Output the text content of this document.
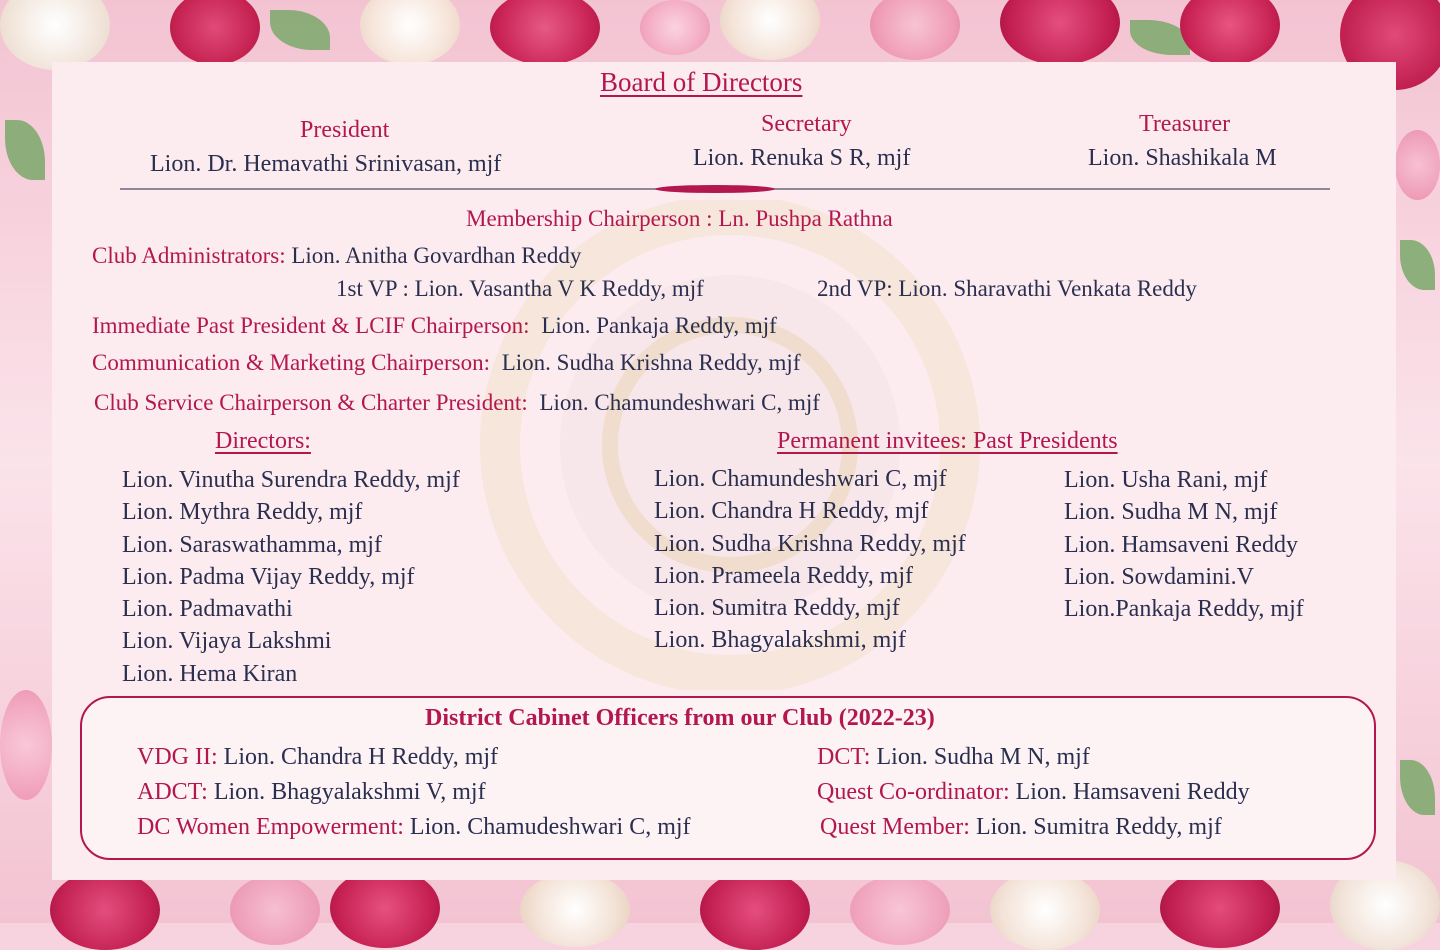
Board of Directors
President
Lion. Dr. Hemavathi Srinivasan, mjf
Secretary
Lion. Renuka S R, mjf
Treasurer
Lion. Shashikala M
Membership Chairperson : Ln. Pushpa Rathna
Club Administrators: Lion. Anitha Govardhan Reddy
1st VP : Lion. Vasantha V K Reddy, mjf	2nd VP: Lion. Sharavathi Venkata Reddy
Immediate Past President & LCIF Chairperson: Lion. Pankaja Reddy, mjf
Communication & Marketing Chairperson: Lion. Sudha Krishna Reddy, mjf
Club Service Chairperson & Charter President: Lion. Chamundeshwari C, mjf
Directors:
Lion. Vinutha Surendra Reddy, mjf
Lion. Mythra Reddy, mjf
Lion. Saraswathamma, mjf
Lion. Padma Vijay Reddy, mjf
Lion. Padmavathi
Lion. Vijaya Lakshmi
Lion. Hema Kiran
Permanent invitees: Past Presidents
Lion. Chamundeshwari C, mjf
Lion. Chandra H Reddy, mjf
Lion. Sudha Krishna Reddy, mjf
Lion. Prameela Reddy, mjf
Lion. Sumitra Reddy, mjf
Lion. Bhagyalakshmi, mjf
Lion. Usha Rani, mjf
Lion. Sudha M N, mjf
Lion. Hamsaveni Reddy
Lion. Sowdamini.V
Lion.Pankaja Reddy, mjf
District Cabinet Officers from our Club (2022-23)
VDG II: Lion. Chandra H Reddy, mjf
ADCT: Lion. Bhagyalakshmi V, mjf
DC Women Empowerment: Lion. Chamudeshwari C, mjf
DCT: Lion. Sudha M N, mjf
Quest Co-ordinator: Lion. Hamsaveni Reddy
Quest Member: Lion. Sumitra Reddy, mjf
